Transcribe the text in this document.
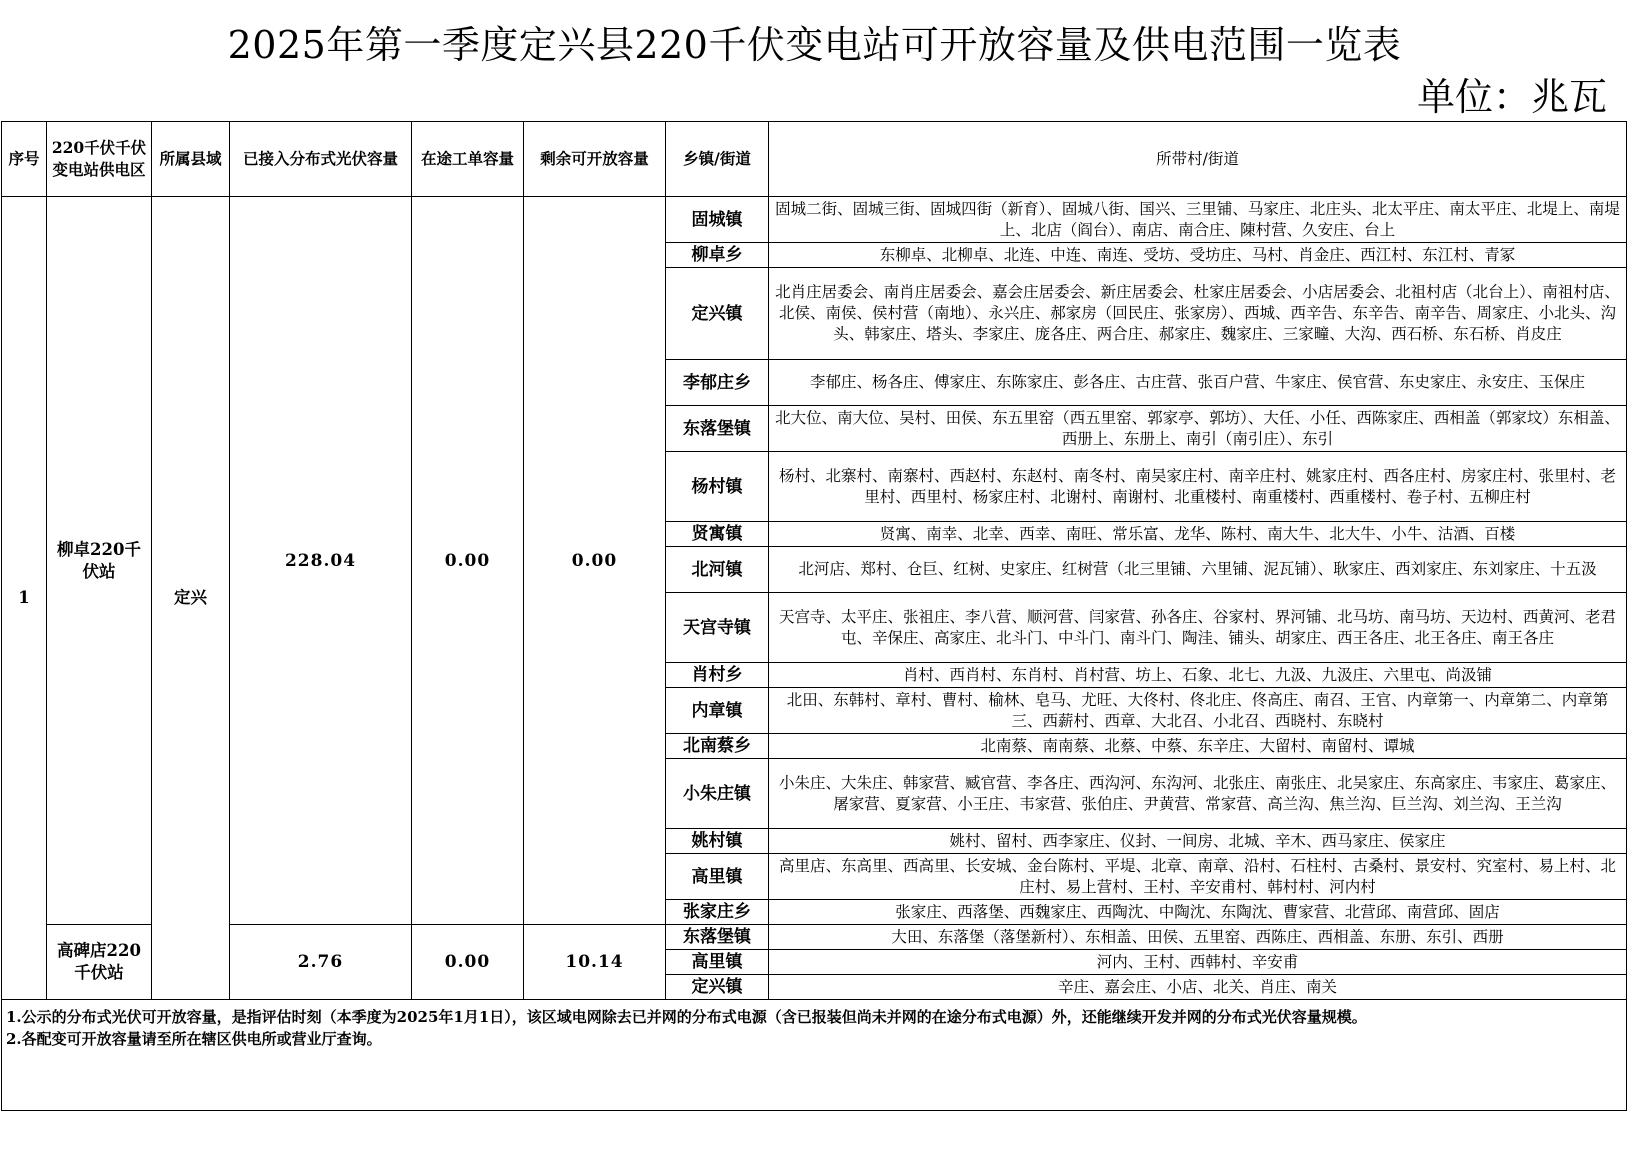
2025年第一季度定兴县220千伏变电站可开放容量及供电范围一览表
单位：兆瓦
序号	220千伏千伏变电站供电区	所属县域	已接入分布式光伏容量	在途工单容量	剩余可开放容量	乡镇/街道	所带村/街道
1	柳卓220千伏站	定兴	228.04	0.00	0.00	固城镇	固城二街、固城三街、固城四街（新育）、固城八街、国兴、三里铺、马家庄、北庄头、北太平庄、南太平庄、北堤上、南堤上、北店（阎台）、南店、南合庄、陳村营、久安庄、台上
						柳卓乡	东柳卓、北柳卓、北连、中连、南连、受坊、受坊庄、马村、肖金庄、西江村、东江村、青冢
						定兴镇	北肖庄居委会、南肖庄居委会、嘉会庄居委会、新庄居委会、杜家庄居委会、小店居委会、北祖村店（北台上）、南祖村店、北侯、南侯、侯村营（南地）、永兴庄、郝家房（回民庄、张家房）、西城、西辛告、东辛告、南辛告、周家庄、小北头、沟头、韩家庄、塔头、李家庄、庞各庄、两合庄、郝家庄、魏家庄、三家疃、大沟、西石桥、东石桥、肖皮庄
						李郁庄乡	李郁庄、杨各庄、傅家庄、东陈家庄、彭各庄、古庄营、张百户营、牛家庄、侯官营、东史家庄、永安庄、玉保庄
						东落堡镇	北大位、南大位、吴村、田侯、东五里窑（西五里窑、郭家亭、郭坊）、大任、小任、西陈家庄、西相盖（郭家坟）东相盖、西册上、东册上、南引（南引庄）、东引
						杨村镇	杨村、北寨村、南寨村、西赵村、东赵村、南冬村、南吴家庄村、南辛庄村、姚家庄村、西各庄村、房家庄村、张里村、老里村、西里村、杨家庄村、北谢村、南谢村、北重楼村、南重楼村、西重楼村、卷子村、五柳庄村
						贤寓镇	贤寓、南幸、北幸、西幸、南旺、常乐富、龙华、陈村、南大牛、北大牛、小牛、沽酒、百楼
						北河镇	北河店、郑村、仓巨、红树、史家庄、红树营（北三里铺、六里铺、泥瓦铺）、耿家庄、西刘家庄、东刘家庄、十五汲
						天宫寺镇	天宫寺、太平庄、张祖庄、李八营、顺河营、闫家营、孙各庄、谷家村、界河铺、北马坊、南马坊、天边村、西黄河、老君屯、辛保庄、高家庄、北斗门、中斗门、南斗门、陶洼、铺头、胡家庄、西王各庄、北王各庄、南王各庄
						肖村乡	肖村、西肖村、东肖村、肖村营、坊上、石象、北七、九汲、九汲庄、六里屯、尚汲铺
						内章镇	北田、东韩村、章村、曹村、榆林、皂马、尤旺、大佟村、佟北庄、佟高庄、南召、王官、内章第一、内章第二、内章第三、西薪村、西章、大北召、小北召、西晓村、东晓村
						北南蔡乡	北南蔡、南南蔡、北蔡、中蔡、东辛庄、大留村、南留村、谭城
						小朱庄镇	小朱庄、大朱庄、韩家营、臧官营、李各庄、西沟河、东沟河、北张庄、南张庄、北吴家庄、东高家庄、韦家庄、葛家庄、屠家营、夏家营、小王庄、韦家营、张伯庄、尹黄营、常家营、高兰沟、焦兰沟、巨兰沟、刘兰沟、王兰沟
						姚村镇	姚村、留村、西李家庄、仪封、一间房、北城、辛木、西马家庄、侯家庄
						高里镇	高里店、东高里、西高里、长安城、金台陈村、平堤、北章、南章、沿村、石柱村、古桑村、景安村、究室村、易上村、北庄村、易上营村、王村、辛安甫村、韩村村、河内村
						张家庄乡	张家庄、西落堡、西魏家庄、西陶沈、中陶沈、东陶沈、曹家营、北营邱、南营邱、固店
	高碑店220千伏站		2.76	0.00	10.14	东落堡镇	大田、东落堡（落堡新村）、东相盖、田侯、五里窑、西陈庄、西相盖、东册、东引、西册
						高里镇	河内、王村、西韩村、辛安甫
						定兴镇	辛庄、嘉会庄、小店、北关、肖庄、南关

1.公示的分布式光伏可开放容量，是指评估时刻（本季度为2025年1月1日），该区域电网除去已并网的分布式电源（含已报装但尚未并网的在途分布式电源）外，还能继续开发并网的分布式光伏容量规模。
2.各配变可开放容量请至所在辖区供电所或营业厅查询。							
